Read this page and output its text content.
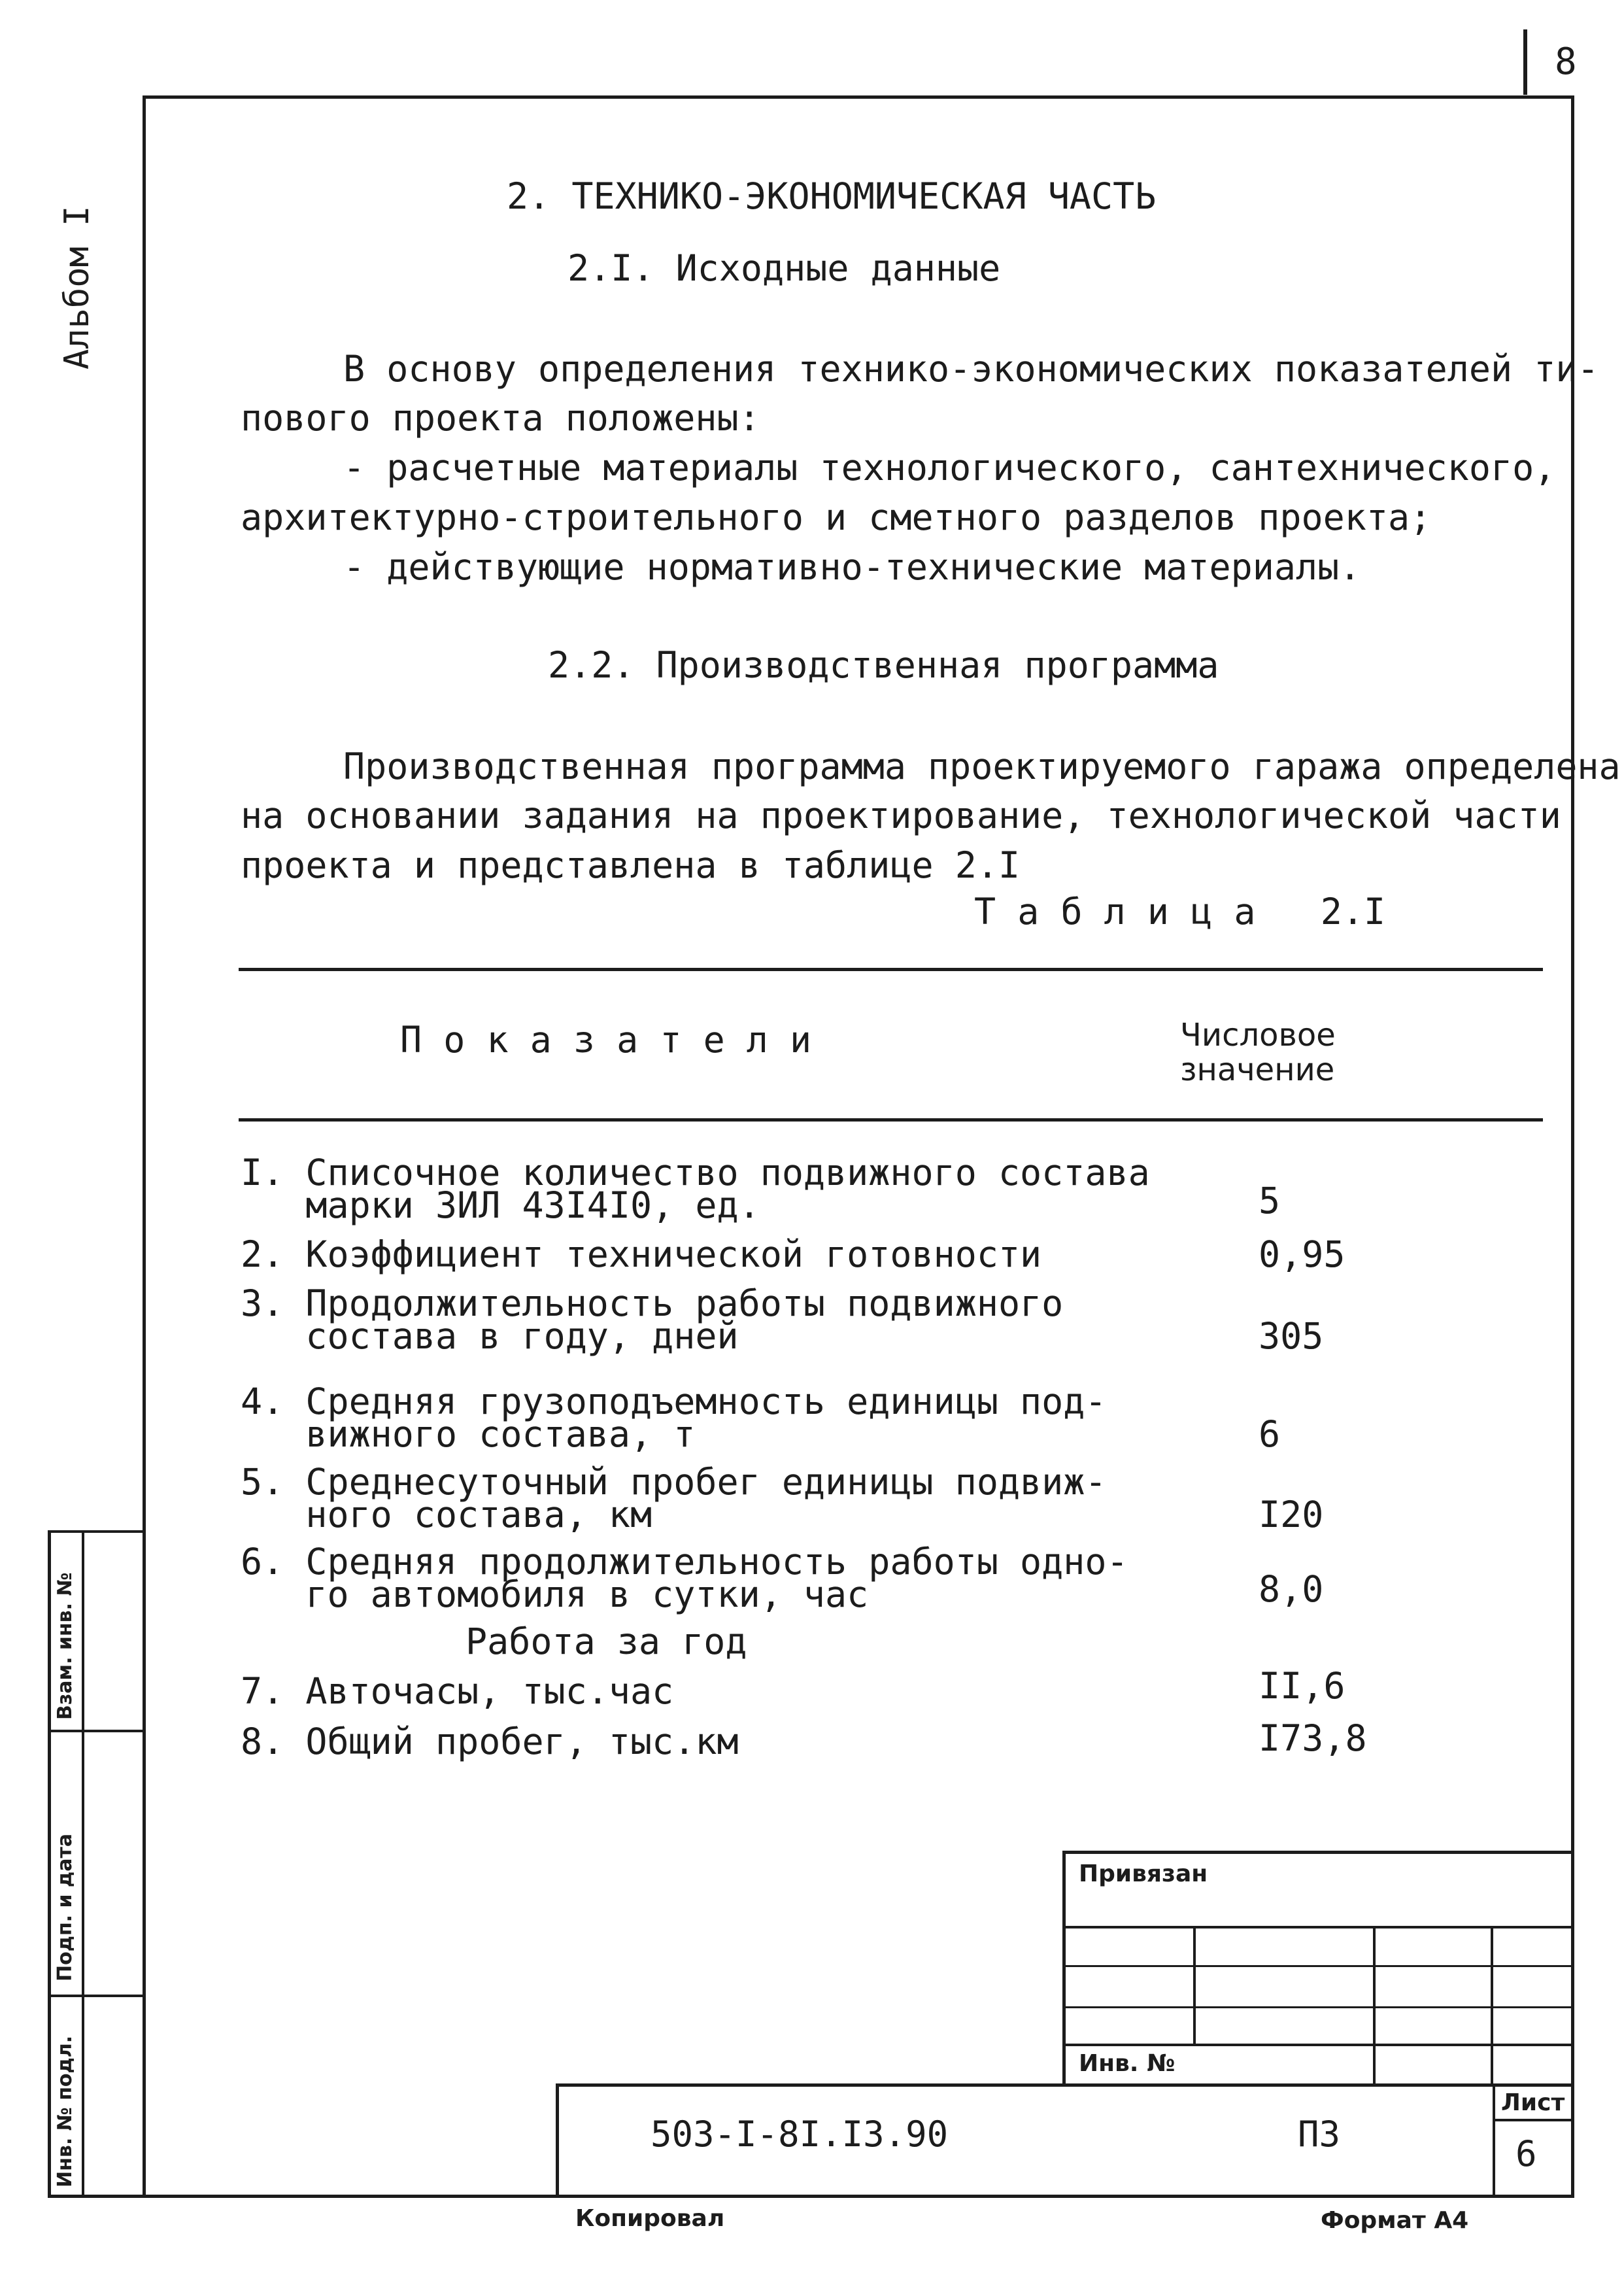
8
Альбом I
2. ТЕХНИКО-ЭКОНОМИЧЕСКАЯ ЧАСТЬ
2.I. Исходные данные
В основу определения технико-экономических показателей ти-
пового проекта положены:
- расчетные материалы технологического, сантехнического,
архитектурно-строительного и сметного разделов проекта;
- действующие нормативно-технические материалы.
2.2. Производственная программа
Производственная программа проектируемого гаража определена
на основании задания на проектирование, технологической части
проекта и представлена в таблице 2.I
Т а б л и ц а   2.I
П о к а з а т е л и	Числовое
значение
I. Списочное количество подвижного состава
марки ЗИЛ 43I4I0, ед.	5
2. Коэффициент технической готовности	0,95
3. Продолжительность работы подвижного
состава в году, дней	305
4. Средняя грузоподъемность единицы под-
вижного состава, т	6
5. Среднесуточный пробег единицы подвиж-
ного состава, км	I20
6. Средняя продолжительность работы одно-
го автомобиля в сутки, час	8,0
Работа за год
7. Авточасы, тыс.час	II,6
8. Общий пробег, тыс.км	I73,8
Взам. инв. №
Подп. и дата
Инв. № подл.
Привязан
Инв. №
503-I-8I.I3.90	ПЗ
Лист
6
Копировал	Формат А4
